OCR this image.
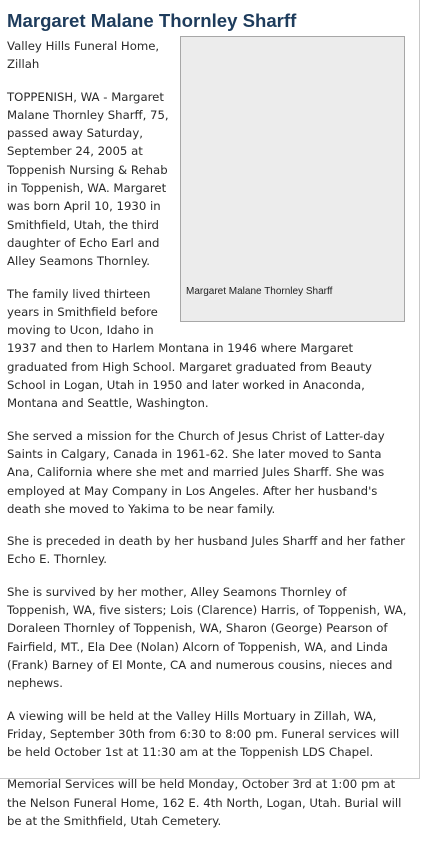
Margaret Malane Thornley Sharff
Margaret Malane Thornley Sharff

Valley Hills Funeral Home,
Zillah

TOPPENISH, WA - Margaret Malane Thornley Sharff, 75, passed away Saturday, September 24, 2005 at Toppenish Nursing & Rehab in Toppenish, WA. Margaret was born April 10, 1930 in Smithfield, Utah, the third daughter of Echo Earl and Alley Seamons Thornley.

The family lived thirteen years in Smithfield before moving to Ucon, Idaho in 1937 and then to Harlem Montana in 1946 where Margaret graduated from High School. Margaret graduated from Beauty School in Logan, Utah in 1950 and later worked in Anaconda, Montana and Seattle, Washington.

She served a mission for the Church of Jesus Christ of Latter-day Saints in Calgary, Canada in 1961-62. She later moved to Santa Ana, California where she met and married Jules Sharff. She was employed at May Company in Los Angeles. After her husband's death she moved to Yakima to be near family.

She is preceded in death by her husband Jules Sharff and her father Echo E. Thornley.

She is survived by her mother, Alley Seamons Thornley of Toppenish, WA, five sisters; Lois (Clarence) Harris, of Toppenish, WA, Doraleen Thornley of Toppenish, WA, Sharon (George) Pearson of Fairfield, MT., Ela Dee (Nolan) Alcorn of Toppenish, WA, and Linda (Frank) Barney of El Monte, CA and numerous cousins, nieces and nephews.

A viewing will be held at the Valley Hills Mortuary in Zillah, WA, Friday, September 30th from 6:30 to 8:00 pm. Funeral services will be held October 1st at 11:30 am at the Toppenish LDS Chapel.

Memorial Services will be held Monday, October 3rd at 1:00 pm at the Nelson Funeral Home, 162 E. 4th North, Logan, Utah. Burial will be at the Smithfield, Utah Cemetery.
